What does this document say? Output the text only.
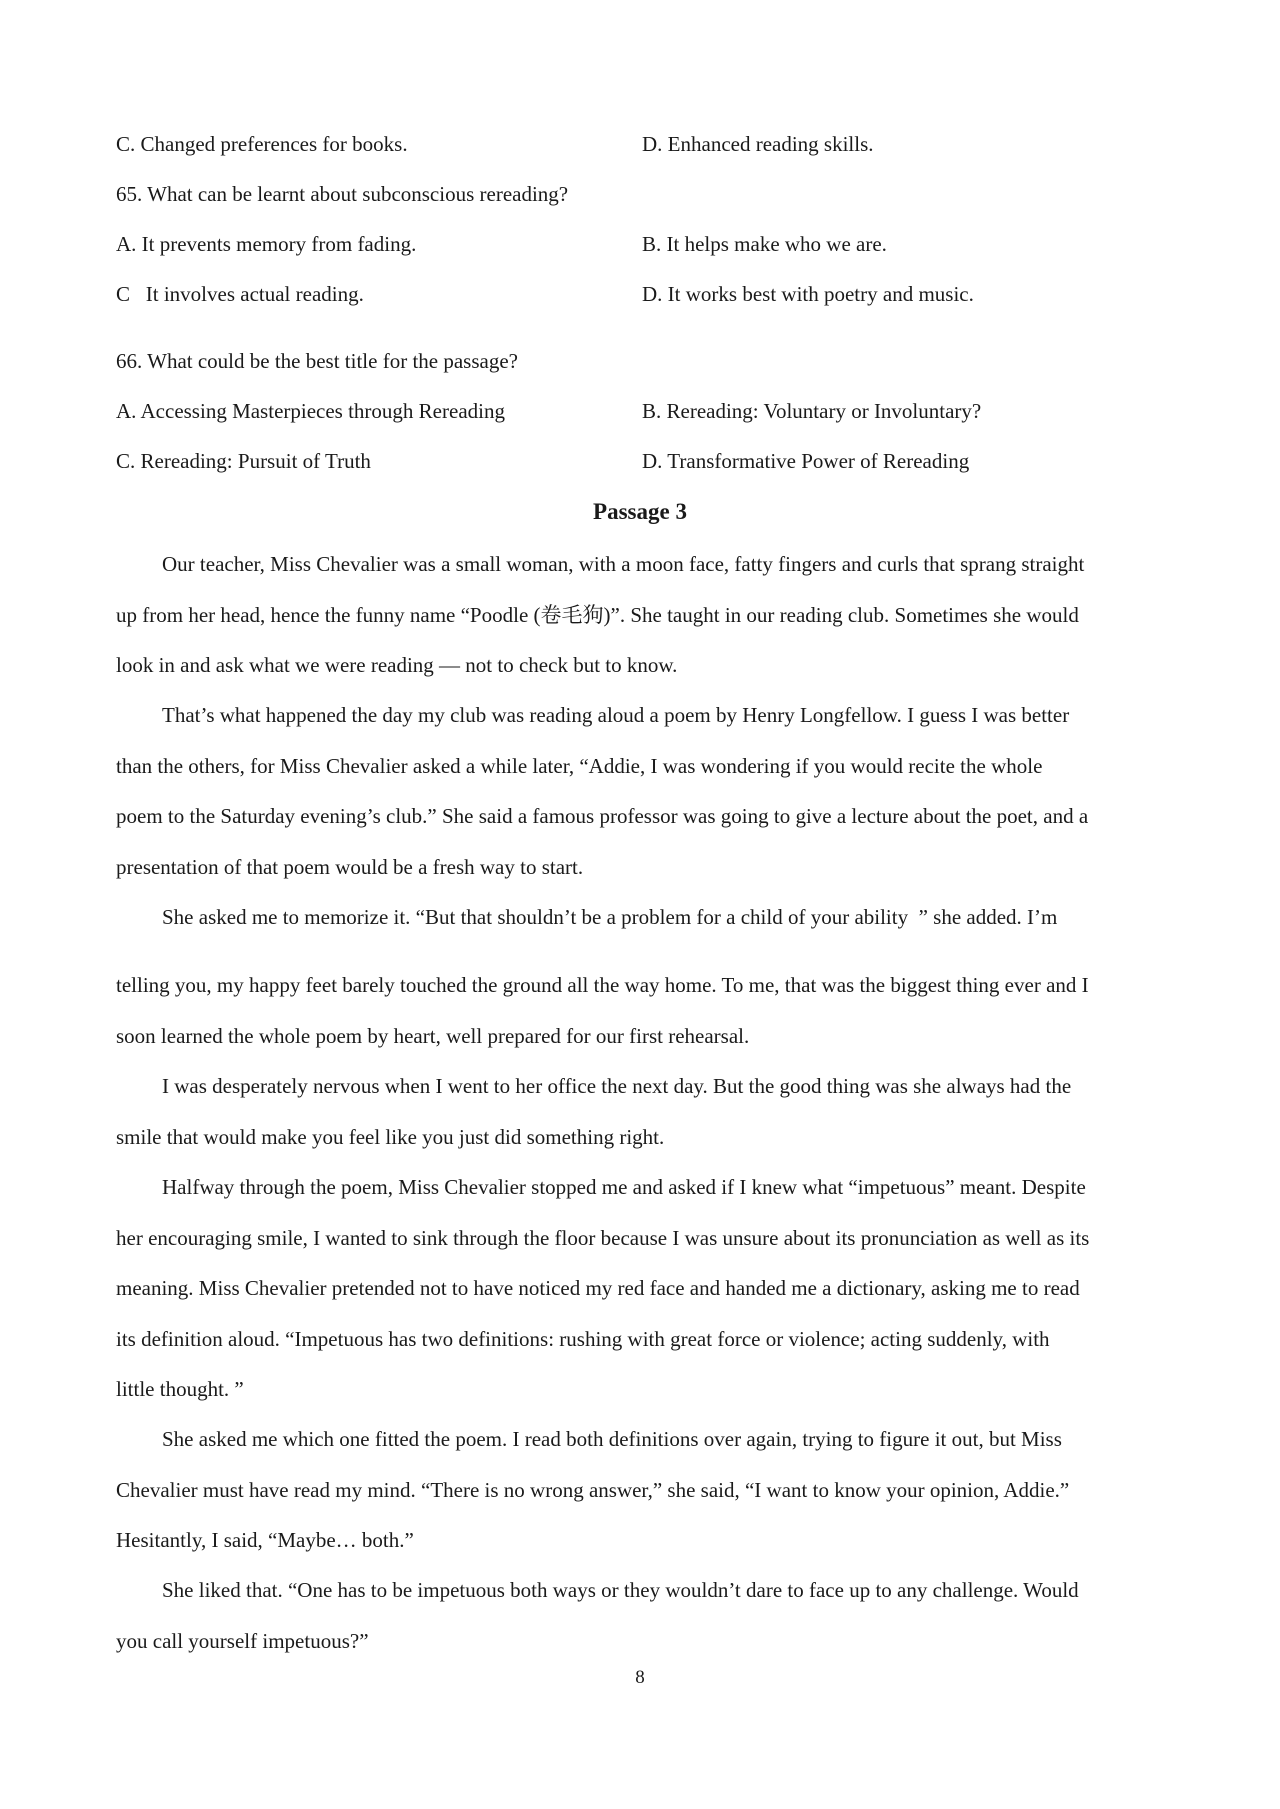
C. Changed preferences for books.	D. Enhanced reading skills.
65. What can be learnt about subconscious rereading?
A. It prevents memory from fading.	B. It helps make who we are.
C   It involves actual reading.	D. It works best with poetry and music.
66. What could be the best title for the passage?
A. Accessing Masterpieces through Rereading	B. Rereading: Voluntary or Involuntary?
C. Rereading: Pursuit of Truth	D. Transformative Power of Rereading
Passage 3
Our teacher, Miss Chevalier was a small woman, with a moon face, fatty fingers and curls that sprang straight
up from her head, hence the funny name “Poodle (卷毛狗)”. She taught in our reading club. Sometimes she would
look in and ask what we were reading — not to check but to know.
That’s what happened the day my club was reading aloud a poem by Henry Longfellow. I guess I was better
than the others, for Miss Chevalier asked a while later, “Addie, I was wondering if you would recite the whole
poem to the Saturday evening’s club.” She said a famous professor was going to give a lecture about the poet, and a
presentation of that poem would be a fresh way to start.
She asked me to memorize it. “But that shouldn’t be a problem for a child of your ability  ” she added. I’m
telling you, my happy feet barely touched the ground all the way home. To me, that was the biggest thing ever and I
soon learned the whole poem by heart, well prepared for our first rehearsal.
I was desperately nervous when I went to her office the next day. But the good thing was she always had the
smile that would make you feel like you just did something right.
Halfway through the poem, Miss Chevalier stopped me and asked if I knew what “impetuous” meant. Despite
her encouraging smile, I wanted to sink through the floor because I was unsure about its pronunciation as well as its
meaning. Miss Chevalier pretended not to have noticed my red face and handed me a dictionary, asking me to read
its definition aloud. “Impetuous has two definitions: rushing with great force or violence; acting suddenly, with
little thought. ”
She asked me which one fitted the poem. I read both definitions over again, trying to figure it out, but Miss
Chevalier must have read my mind. “There is no wrong answer,” she said, “I want to know your opinion, Addie.”
Hesitantly, I said, “Maybe… both.”
She liked that. “One has to be impetuous both ways or they wouldn’t dare to face up to any challenge. Would
you call yourself impetuous?”
8
